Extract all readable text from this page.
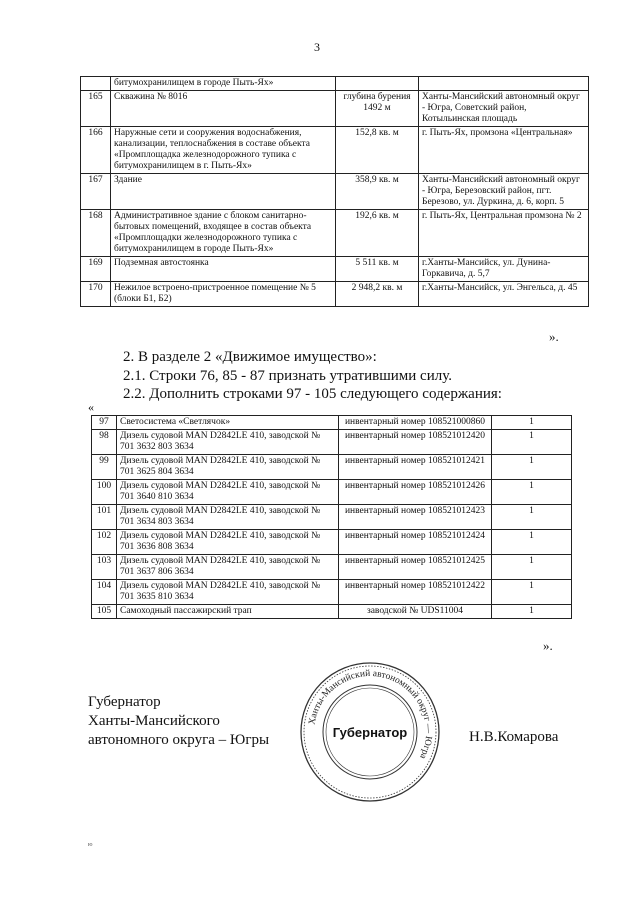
3
	битумохранилищем в городе Пыть-Ях»		
165	Скважина № 8016	глубина бурения 1492 м	Ханты-Мансийский автономный округ - Югра, Советский район, Котыльинская площадь
166	Наружные сети и сооружения водоснабжения, канализации, теплоснабжения в составе объекта «Промплощадка железнодорожного тупика с битумохранилищем в г. Пыть-Ях»	152,8 кв. м	г. Пыть-Ях, промзона «Центральная»
167	Здание	358,9 кв. м	Ханты-Мансийский автономный округ - Югра, Березовский район, пгт. Березово, ул. Дуркина, д. 6, корп. 5
168	Административное здание с блоком санитарно-бытовых помещений, входящее в состав объекта «Промплощадки железнодорожного тупика с битумохранилищем в городе Пыть-Ях»	192,6 кв. м	г. Пыть-Ях, Центральная промзона № 2
169	Подземная автостоянка	5 511 кв. м	г.Ханты-Мансийск, ул. Дунина-Горкавича, д. 5,7
170	Нежилое встроено-пристроенное помещение № 5 (блоки Б1, Б2)	2 948,2 кв. м	г.Ханты-Мансийск, ул. Энгельса, д. 45
».
2. В разделе 2 «Движимое имущество»:
2.1. Строки 76, 85 - 87 признать утратившими силу.
2.2. Дополнить строками 97 - 105 следующего содержания:
«
97	Светосистема «Светлячок»	инвентарный номер 108521000860	1
98	Дизель судовой MAN D2842LE 410, заводской № 701 3632 803 3634	инвентарный номер 108521012420	1
99	Дизель судовой MAN D2842LE 410, заводской № 701 3625 804 3634	инвентарный номер 108521012421	1
100	Дизель судовой MAN D2842LE 410, заводской № 701 3640 810 3634	инвентарный номер 108521012426	1
101	Дизель судовой MAN D2842LE 410, заводской № 701 3634 803 3634	инвентарный номер 108521012423	1
102	Дизель судовой MAN D2842LE 410, заводской № 701 3636 808 3634	инвентарный номер 108521012424	1
103	Дизель судовой MAN D2842LE 410, заводской № 701 3637 806 3634	инвентарный номер 108521012425	1
104	Дизель судовой MAN D2842LE 410, заводской № 701 3635 810 3634	инвентарный номер 108521012422	1
105	Самоходный пассажирский трап	заводской № UDS11004	1
».
Губернатор
Ханты-Мансийского
автономного округа – Югры
Ханты-Мансийский автономный округ — Югра
Губернатор	Н.В.Комарова
ю
